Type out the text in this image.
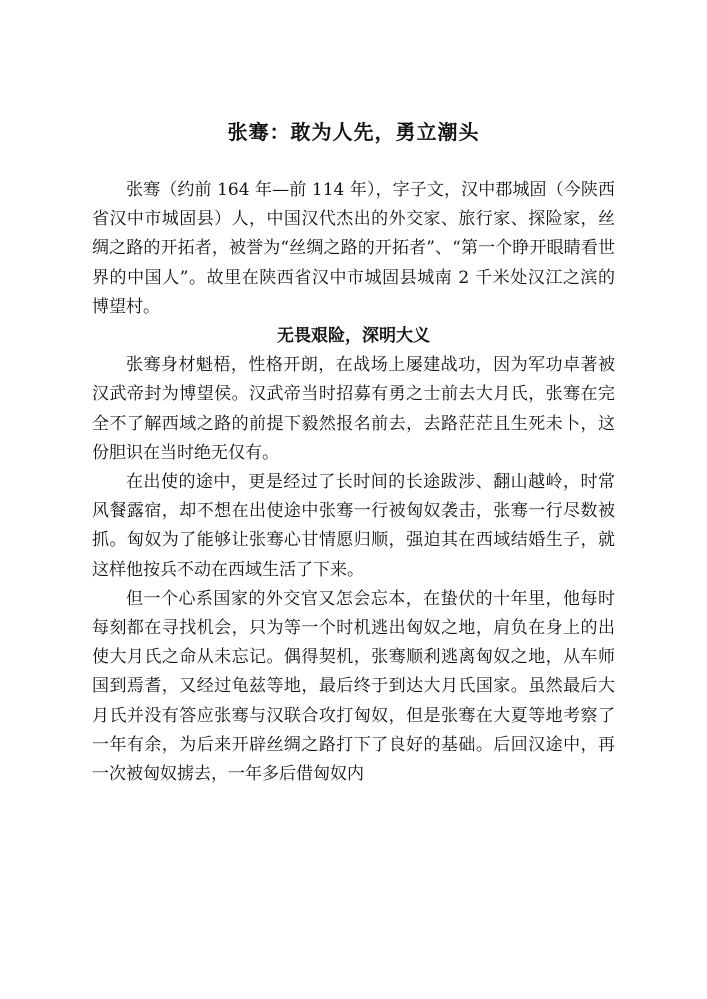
张骞：敢为人先，勇立潮头

张骞（约前 164 年—前 114 年），字子文，汉中郡城固（今陕西省汉中市城固县）人，中国汉代杰出的外交家、旅行家、探险家，丝绸之路的开拓者，被誉为“丝绸之路的开拓者”、“第一个睁开眼睛看世界的中国人”。故里在陕西省汉中市城固县城南 2 千米处汉江之滨的博望村。

无畏艰险，深明大义

张骞身材魁梧，性格开朗，在战场上屡建战功，因为军功卓著被汉武帝封为博望侯。汉武帝当时招募有勇之士前去大月氏，张骞在完全不了解西域之路的前提下毅然报名前去，去路茫茫且生死未卜，这份胆识在当时绝无仅有。

在出使的途中，更是经过了长时间的长途跋涉、翻山越岭，时常风餐露宿，却不想在出使途中张骞一行被匈奴袭击，张骞一行尽数被抓。匈奴为了能够让张骞心甘情愿归顺，强迫其在西域结婚生子，就这样他按兵不动在西域生活了下来。

但一个心系国家的外交官又怎会忘本，在蛰伏的十年里，他每时每刻都在寻找机会，只为等一个时机逃出匈奴之地，肩负在身上的出使大月氏之命从未忘记。偶得契机，张骞顺利逃离匈奴之地，从车师国到焉耆，又经过龟兹等地，最后终于到达大月氏国家。虽然最后大月氏并没有答应张骞与汉联合攻打匈奴，但是张骞在大夏等地考察了一年有余，为后来开辟丝绸之路打下了良好的基础。后回汉途中，再一次被匈奴掳去，一年多后借匈奴内
